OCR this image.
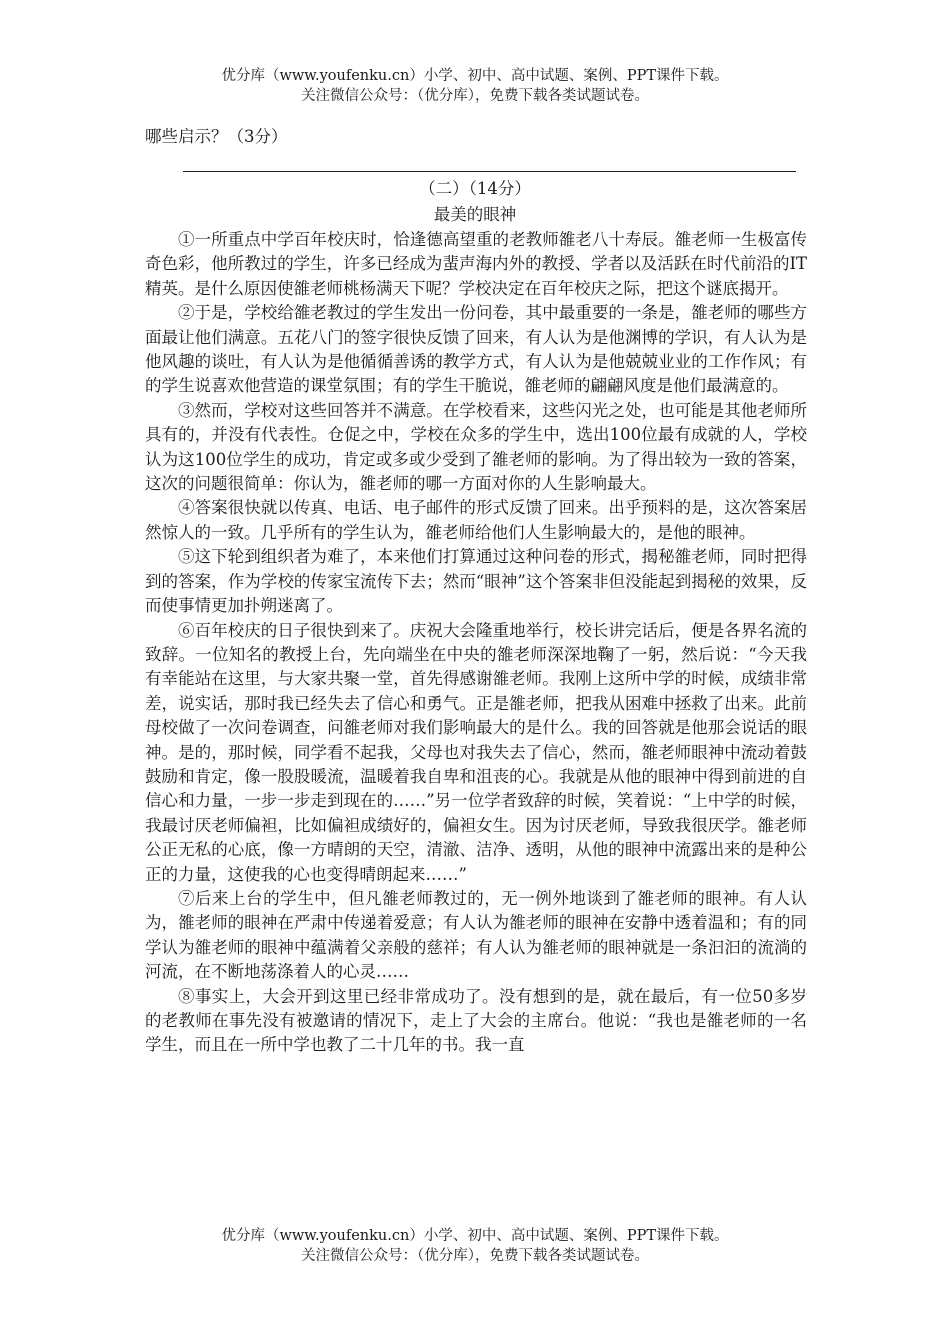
优分库（www.youfenku.cn）小学、初中、高中试题、案例、PPT课件下载。
关注微信公众号：（优分库），免费下载各类试题试卷。
哪些启示？（3分）
（二）（14分）
最美的眼神

①一所重点中学百年校庆时，恰逢德高望重的老教师雒老八十寿辰。雒老师一生极富传奇色彩，他所教过的学生，许多已经成为蜚声海内外的教授、学者以及活跃在时代前沿的IT精英。是什么原因使雒老师桃杨满天下呢？学校决定在百年校庆之际，把这个谜底揭开。

②于是，学校给雒老教过的学生发出一份问卷，其中最重要的一条是，雒老师的哪些方面最让他们满意。五花八门的签字很快反馈了回来，有人认为是他渊博的学识，有人认为是他风趣的谈吐，有人认为是他循循善诱的教学方式，有人认为是他兢兢业业的工作作风；有的学生说喜欢他营造的课堂氛围；有的学生干脆说，雒老师的翩翩风度是他们最满意的。

③然而，学校对这些回答并不满意。在学校看来，这些闪光之处，也可能是其他老师所具有的，并没有代表性。仓促之中，学校在众多的学生中，选出100位最有成就的人，学校认为这100位学生的成功，肯定或多或少受到了雒老师的影响。为了得出较为一致的答案，这次的问题很简单：你认为，雒老师的哪一方面对你的人生影响最大。

④答案很快就以传真、电话、电子邮件的形式反馈了回来。出乎预料的是，这次答案居然惊人的一致。几乎所有的学生认为，雒老师给他们人生影响最大的，是他的眼神。

⑤这下轮到组织者为难了，本来他们打算通过这种问卷的形式，揭秘雒老师，同时把得到的答案，作为学校的传家宝流传下去；然而“眼神”这个答案非但没能起到揭秘的效果，反而使事情更加扑朔迷离了。

⑥百年校庆的日子很快到来了。庆祝大会隆重地举行，校长讲完话后，便是各界名流的致辞。一位知名的教授上台，先向端坐在中央的雒老师深深地鞠了一躬，然后说：“今天我有幸能站在这里，与大家共聚一堂，首先得感谢雒老师。我刚上这所中学的时候，成绩非常差，说实话，那时我已经失去了信心和勇气。正是雒老师，把我从困难中拯救了出来。此前母校做了一次问卷调查，问雒老师对我们影响最大的是什么。我的回答就是他那会说话的眼神。是的，那时候，同学看不起我，父母也对我失去了信心，然而，雒老师眼神中流动着鼓鼓励和肯定，像一股股暖流，温暖着我自卑和沮丧的心。我就是从他的眼神中得到前进的自信心和力量，一步一步走到现在的……”另一位学者致辞的时候，笑着说：“上中学的时候，我最讨厌老师偏袒，比如偏袒成绩好的，偏袒女生。因为讨厌老师，导致我很厌学。雒老师公正无私的心底，像一方晴朗的天空，清澈、洁净、透明，从他的眼神中流露出来的是种公正的力量，这使我的心也变得晴朗起来……”

⑦后来上台的学生中，但凡雒老师教过的，无一例外地谈到了雒老师的眼神。有人认为，雒老师的眼神在严肃中传递着爱意；有人认为雒老师的眼神在安静中透着温和；有的同学认为雒老师的眼神中蕴满着父亲般的慈祥；有人认为雒老师的眼神就是一条汩汩的流淌的河流，在不断地荡涤着人的心灵……

⑧事实上，大会开到这里已经非常成功了。没有想到的是，就在最后，有一位50多岁的老教师在事先没有被邀请的情况下，走上了大会的主席台。他说：“我也是雒老师的一名学生，而且在一所中学也教了二十几年的书。我一直

优分库（www.youfenku.cn）小学、初中、高中试题、案例、PPT课件下载。
关注微信公众号：（优分库），免费下载各类试题试卷。
